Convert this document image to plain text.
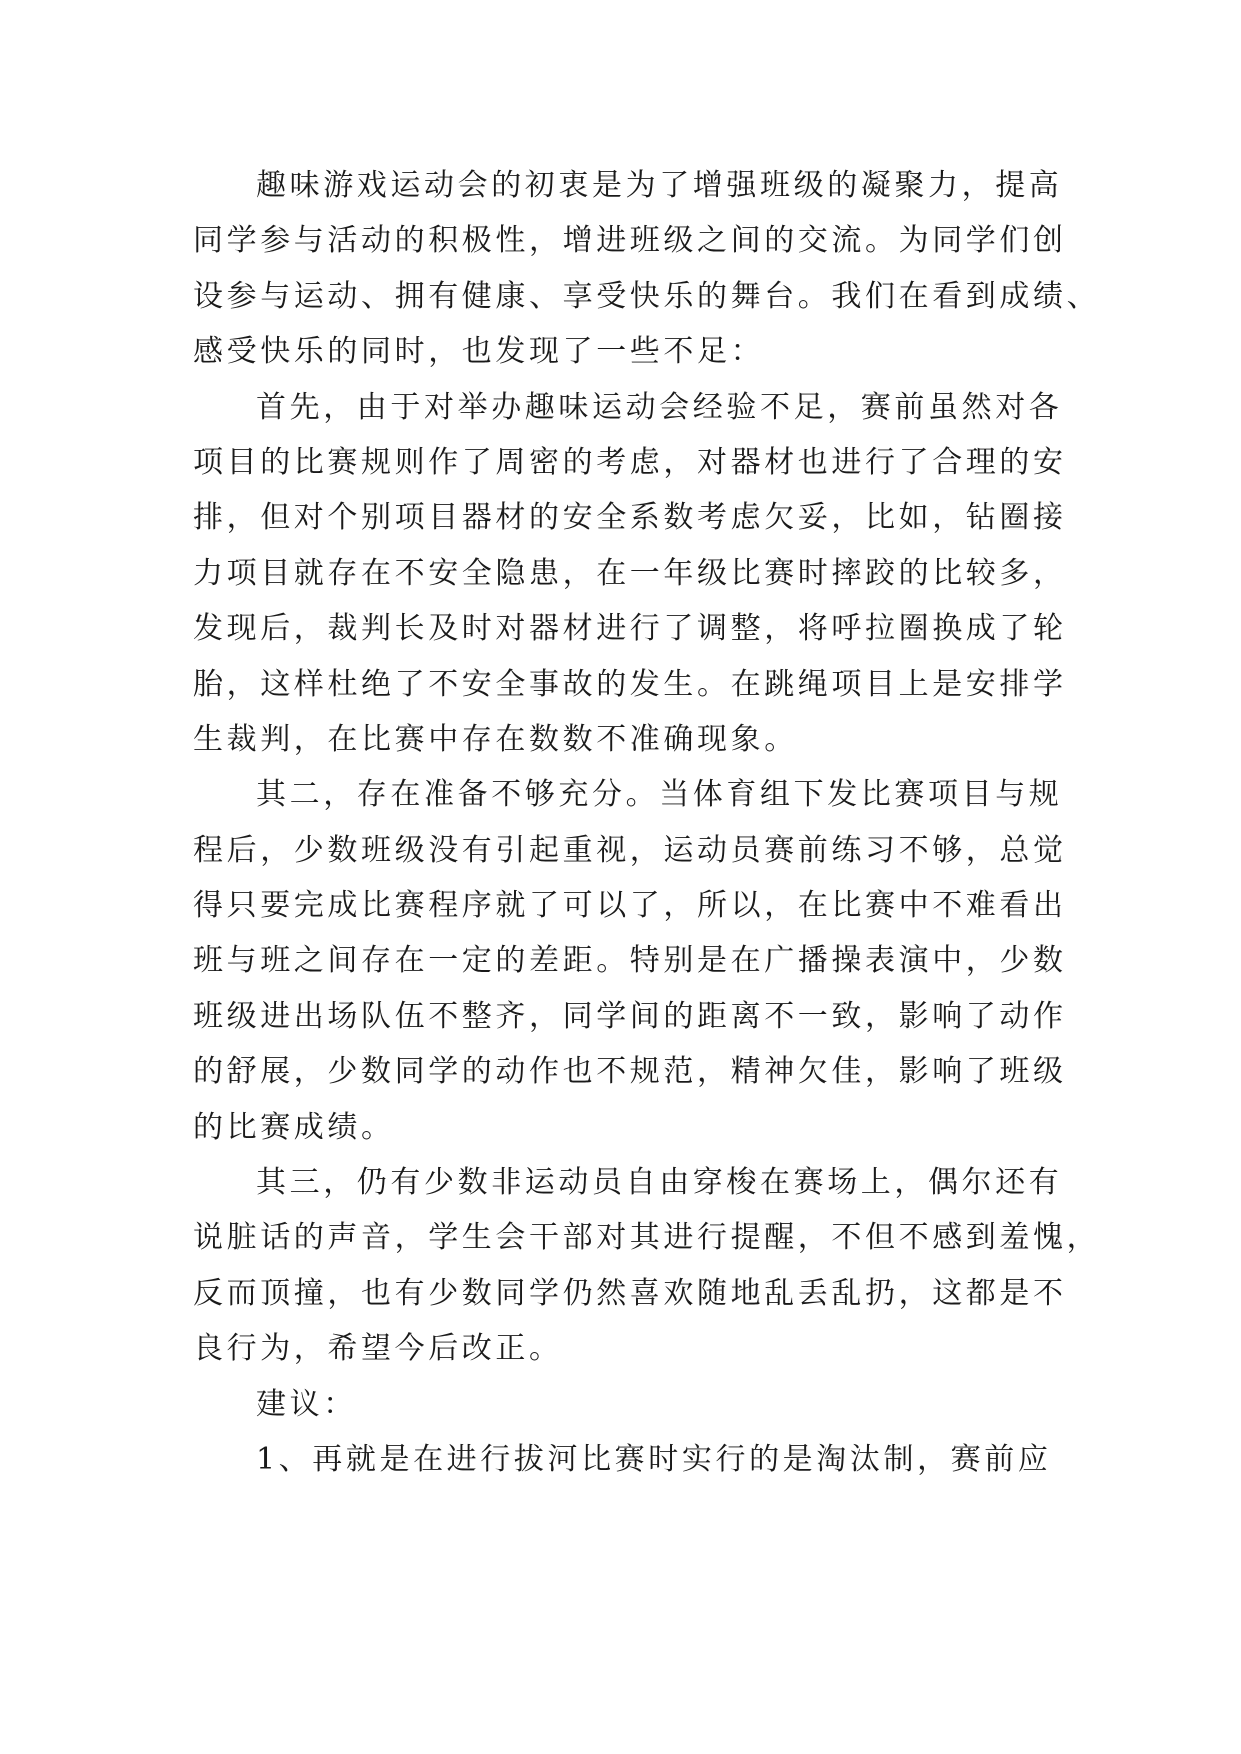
趣味游戏运动会的初衷是为了增强班级的凝聚力，提高
同学参与活动的积极性，增进班级之间的交流。为同学们创
设参与运动、拥有健康、享受快乐的舞台。我们在看到成绩、
感受快乐的同时，也发现了一些不足：
首先，由于对举办趣味运动会经验不足，赛前虽然对各
项目的比赛规则作了周密的考虑，对器材也进行了合理的安
排，但对个别项目器材的安全系数考虑欠妥，比如，钻圈接
力项目就存在不安全隐患，在一年级比赛时摔跤的比较多，
发现后，裁判长及时对器材进行了调整，将呼拉圈换成了轮
胎，这样杜绝了不安全事故的发生。在跳绳项目上是安排学
生裁判，在比赛中存在数数不准确现象。
其二，存在准备不够充分。当体育组下发比赛项目与规
程后，少数班级没有引起重视，运动员赛前练习不够，总觉
得只要完成比赛程序就了可以了，所以，在比赛中不难看出
班与班之间存在一定的差距。特别是在广播操表演中，少数
班级进出场队伍不整齐，同学间的距离不一致，影响了动作
的舒展，少数同学的动作也不规范，精神欠佳，影响了班级
的比赛成绩。
其三，仍有少数非运动员自由穿梭在赛场上，偶尔还有
说脏话的声音，学生会干部对其进行提醒，不但不感到羞愧，
反而顶撞，也有少数同学仍然喜欢随地乱丢乱扔，这都是不
良行为，希望今后改正。
建议：
1、再就是在进行拔河比赛时实行的是淘汰制，赛前应
